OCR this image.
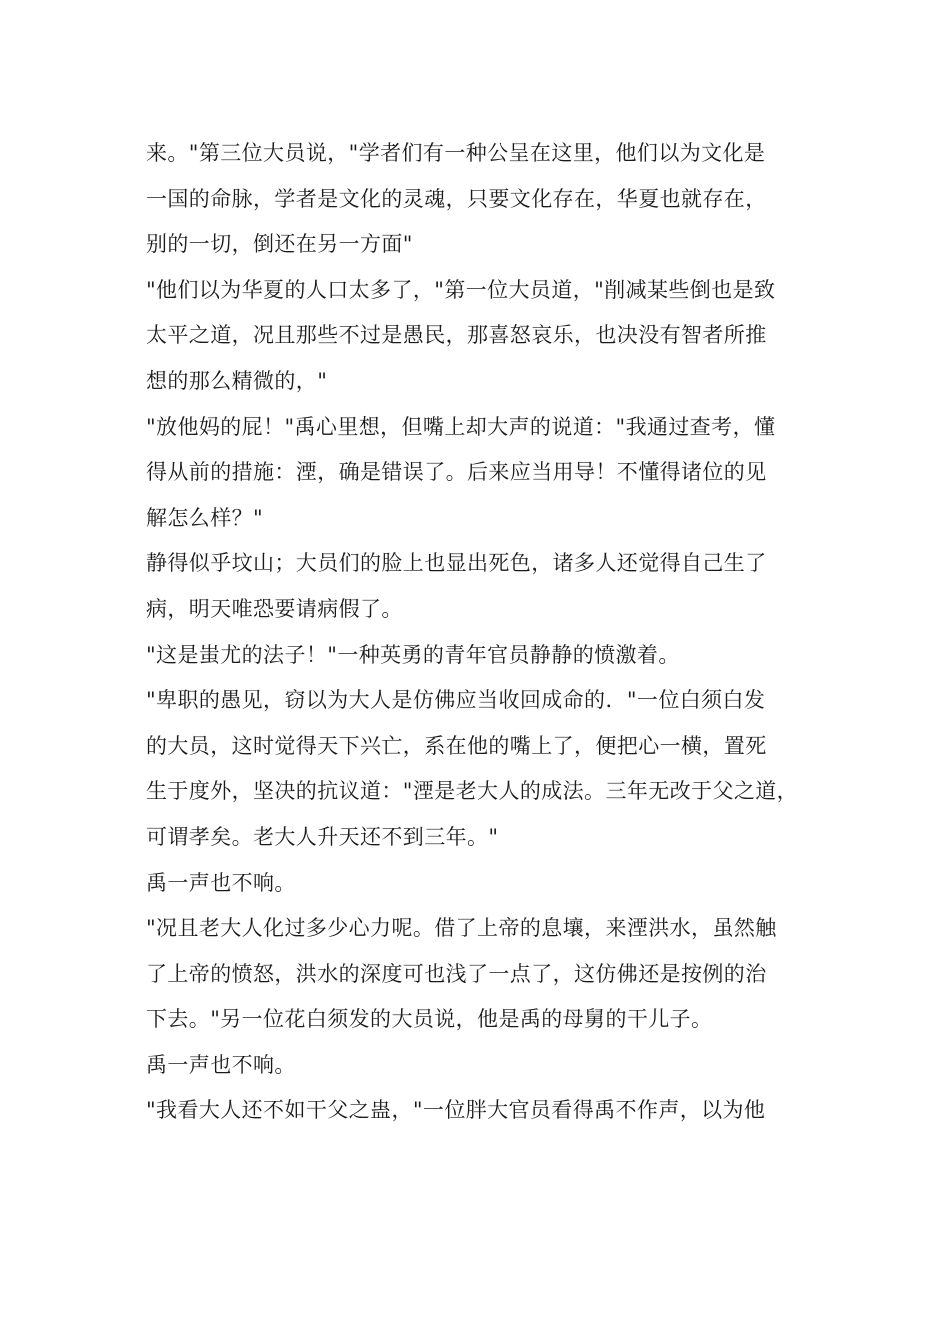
来。"第三位大员说，"学者们有一种公呈在这里，他们以为文化是
一国的命脉，学者是文化的灵魂，只要文化存在，华夏也就存在，
别的一切，倒还在另一方面"
"他们以为华夏的人口太多了，"第一位大员道，"削减某些倒也是致
太平之道，况且那些不过是愚民，那喜怒哀乐，也决没有智者所推
想的那么精微的，"
"放他妈的屁！"禹心里想，但嘴上却大声的说道："我通过查考，懂
得从前的措施：湮，确是错误了。后来应当用导！不懂得诸位的见
解怎么样？"
静得似乎坟山；大员们的脸上也显出死色，诸多人还觉得自己生了
病，明天唯恐要请病假了。
"这是蚩尤的法子！"一种英勇的青年官员静静的愤激着。
"卑职的愚见，窃以为大人是仿佛应当收回成命的．"一位白须白发
的大员，这时觉得天下兴亡，系在他的嘴上了，便把心一横，置死
生于度外，坚决的抗议道："湮是老大人的成法。三年无改于父之道，
可谓孝矣。老大人升天还不到三年。"
禹一声也不响。
"况且老大人化过多少心力呢。借了上帝的息壤，来湮洪水，虽然触
了上帝的愤怒，洪水的深度可也浅了一点了，这仿佛还是按例的治
下去。"另一位花白须发的大员说，他是禹的母舅的干儿子。
禹一声也不响。
"我看大人还不如干父之蛊，"一位胖大官员看得禹不作声，以为他
